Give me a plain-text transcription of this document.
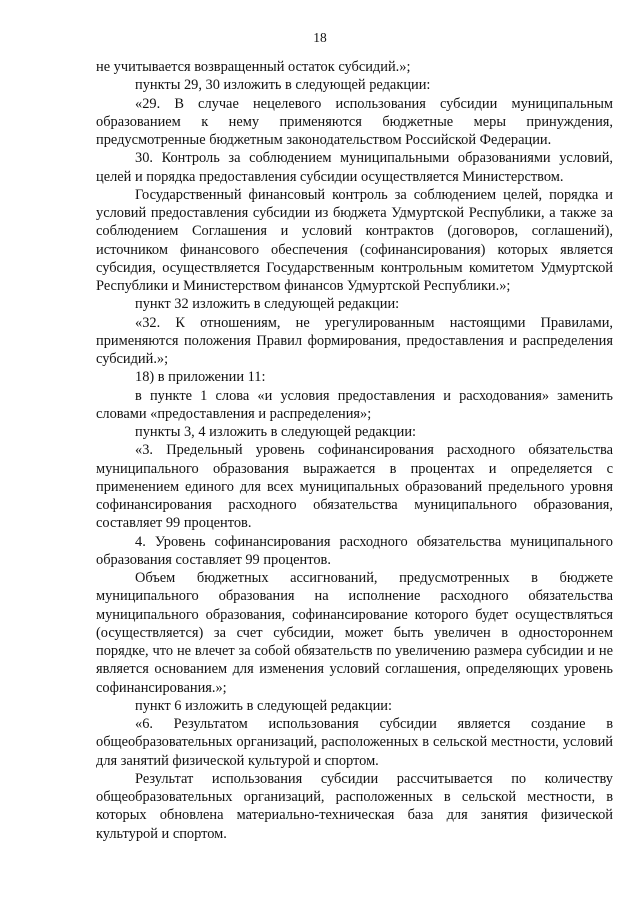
18

не учитывается возвращенный остаток субсидий.»;

пункты 29, 30 изложить в следующей редакции:

«29. В случае нецелевого использования субсидии муниципальным образованием к нему применяются бюджетные меры принуждения, предусмотренные бюджетным законодательством Российской Федерации.

30. Контроль за соблюдением муниципальными образованиями условий, целей и порядка предоставления субсидии осуществляется Министерством.

Государственный финансовый контроль за соблюдением целей, порядка и условий предоставления субсидии из бюджета Удмуртской Республики, а также за соблюдением Соглашения и условий контрактов (договоров, соглашений), источником финансового обеспечения (софинансирования) которых является субсидия, осуществляется Государственным контрольным комитетом Удмуртской Республики и Министерством финансов Удмуртской Республики.»;

пункт 32 изложить в следующей редакции:

«32. К отношениям, не урегулированным настоящими Правилами, применяются положения Правил формирования, предоставления и распределения субсидий.»;

18) в приложении 11:

в пункте 1 слова «и условия предоставления и расходования» заменить словами «предоставления и распределения»;

пункты 3, 4 изложить в следующей редакции:

«3. Предельный уровень софинансирования расходного обязательства муниципального образования выражается в процентах и определяется с применением единого для всех муниципальных образований предельного уровня софинансирования расходного обязательства муниципального образования, составляет 99 процентов.

4. Уровень софинансирования расходного обязательства муниципального образования составляет 99 процентов.

Объем бюджетных ассигнований, предусмотренных в бюджете муниципального образования на исполнение расходного обязательства муниципального образования, софинансирование которого будет осуществляться (осуществляется) за счет субсидии, может быть увеличен в одностороннем порядке, что не влечет за собой обязательств по увеличению размера субсидии и не является основанием для изменения условий соглашения, определяющих уровень софинансирования.»;

пункт 6 изложить в следующей редакции:

«6. Результатом использования субсидии является создание в общеобразовательных организаций, расположенных в сельской местности, условий для занятий физической культурой и спортом.

Результат использования субсидии рассчитывается по количеству общеобразовательных организаций, расположенных в сельской местности, в которых обновлена материально-техническая база для занятия физической культурой и спортом.
